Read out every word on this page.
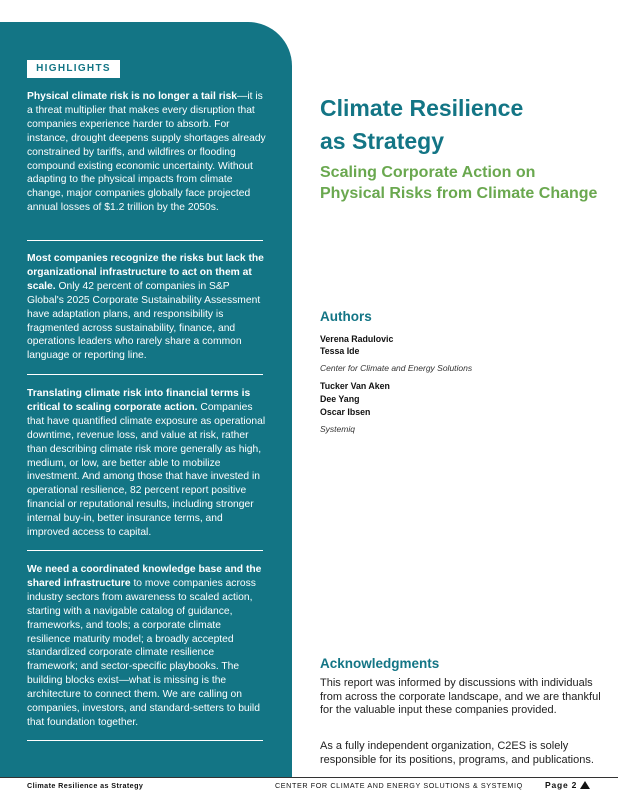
HIGHLIGHTS
Physical climate risk is no longer a tail risk—it is a threat multiplier that makes every disruption that companies experience harder to absorb. For instance, drought deepens supply shortages already constrained by tariffs, and wildfires or flooding compound existing economic uncertainty. Without adapting to the physical impacts from climate change, major companies globally face projected annual losses of $1.2 trillion by the 2050s.
Most companies recognize the risks but lack the organizational infrastructure to act on them at scale. Only 42 percent of companies in S&P Global's 2025 Corporate Sustainability Assessment have adaptation plans, and responsibility is fragmented across sustainability, finance, and operations leaders who rarely share a common language or reporting line.
Translating climate risk into financial terms is critical to scaling corporate action. Companies that have quantified climate exposure as operational downtime, revenue loss, and value at risk, rather than describing climate risk more generally as high, medium, or low, are better able to mobilize investment. And among those that have invested in operational resilience, 82 percent report positive financial or reputational results, including stronger internal buy-in, better insurance terms, and improved access to capital.
We need a coordinated knowledge base and the shared infrastructure to move companies across industry sectors from awareness to scaled action, starting with a navigable catalog of guidance, frameworks, and tools; a corporate climate resilience maturity model; a broadly accepted standardized corporate climate resilience framework; and sector-specific playbooks. The building blocks exist—what is missing is the architecture to connect them. We are calling on companies, investors, and standard-setters to build that foundation together.
Climate Resilience
as Strategy
Scaling Corporate Action on
Physical Risks from Climate Change
Authors
Verena Radulovic
Tessa Ide
Center for Climate and Energy Solutions
Tucker Van Aken
Dee Yang
Oscar Ibsen
Systemiq
Acknowledgments

This report was informed by discussions with individuals from across the corporate landscape, and we are thankful for the valuable input these companies provided.

As a fully independent organization, C2ES is solely responsible for its positions, programs, and publications.

Climate Resilience as Strategy	CENTER FOR CLIMATE AND ENERGY SOLUTIONS & SYSTEMIQ	Page 2
